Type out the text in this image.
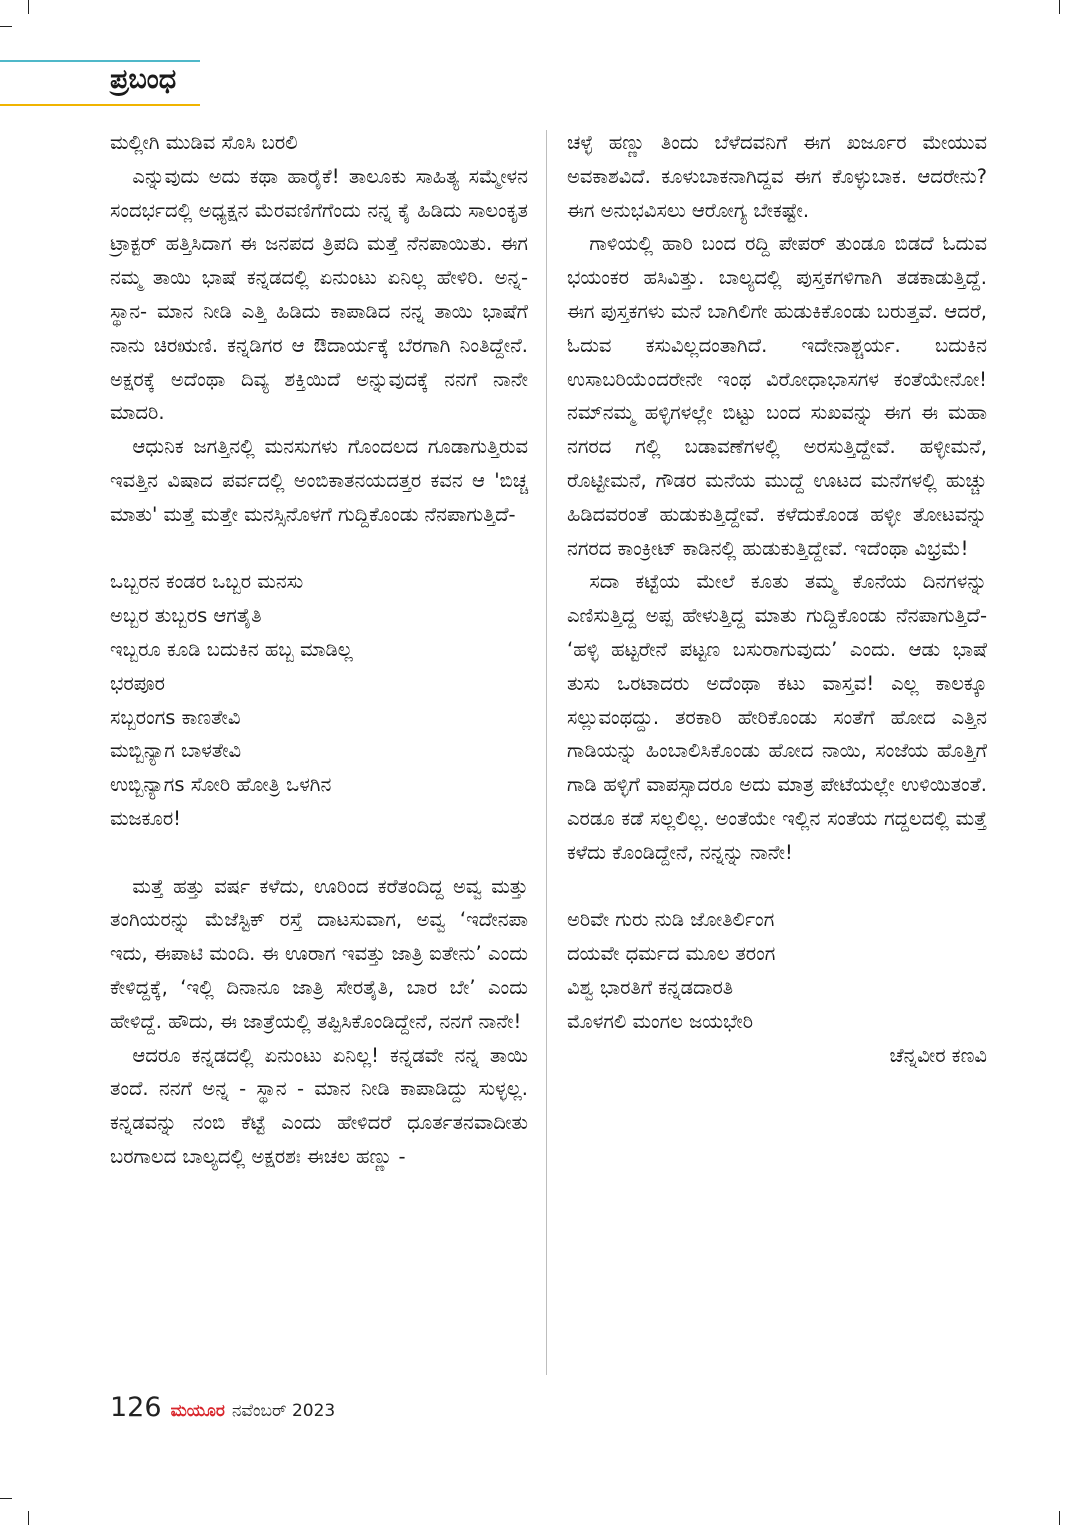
ಪ್ರಬಂಧ

ಮಲ್ಲೀಗಿ ಮುಡಿವ ಸೊಸಿ ಬರಲಿ

ಎನ್ನುವುದು ಅದು ಕಥಾ ಹಾರೈಕೆ! ತಾಲೂಕು ಸಾಹಿತ್ಯ ಸಮ್ಮೇಳನ ಸಂದರ್ಭದಲ್ಲಿ ಅಧ್ಯಕ್ಷನ ಮೆರವಣಿಗೆಗೆಂದು ನನ್ನ ಕೈ ಹಿಡಿದು ಸಾಲಂಕೃತ ಟ್ರಾಕ್ಟರ್ ಹತ್ತಿಸಿದಾಗ ಈ ಜನಪದ ತ್ರಿಪದಿ ಮತ್ತೆ ನೆನಪಾಯಿತು. ಈಗ ನಮ್ಮ ತಾಯಿ ಭಾಷೆ ಕನ್ನಡದಲ್ಲಿ ಏನುಂಟು ಏನಿಲ್ಲ ಹೇಳಿರಿ. ಅನ್ನ- ಸ್ಥಾನ- ಮಾನ ನೀಡಿ ಎತ್ತಿ ಹಿಡಿದು ಕಾಪಾಡಿದ ನನ್ನ ತಾಯಿ ಭಾಷೆಗೆ ನಾನು ಚಿರಋಣಿ. ಕನ್ನಡಿಗರ ಆ ಔದಾರ್ಯಕ್ಕೆ ಬೆರಗಾಗಿ ನಿಂತಿದ್ದೇನೆ. ಅಕ್ಷರಕ್ಕೆ ಅದೆಂಥಾ ದಿವ್ಯ ಶಕ್ತಿಯಿದೆ ಅನ್ನುವುದಕ್ಕೆ ನನಗೆ ನಾನೇ ಮಾದರಿ.

ಆಧುನಿಕ ಜಗತ್ತಿನಲ್ಲಿ ಮನಸುಗಳು ಗೊಂದಲದ ಗೂಡಾಗುತ್ತಿರುವ ಇವತ್ತಿನ ವಿಷಾದ ಪರ್ವದಲ್ಲಿ ಅಂಬಿಕಾತನಯದತ್ತರ ಕವನ ಆ 'ಬಿಚ್ಚ ಮಾತು' ಮತ್ತೆ ಮತ್ತೇ ಮನಸ್ಸಿನೊಳಗೆ ಗುದ್ದಿಕೊಂಡು ನೆನಪಾಗುತ್ತಿದೆ-

ಒಬ್ಬರನ ಕಂಡರ ಒಬ್ಬರ ಮನಸು
ಅಬ್ಬರ ತುಬ್ಬರs ಆಗತೈತಿ
ಇಬ್ಬರೂ ಕೂಡಿ ಬದುಕಿನ ಹಬ್ಬ ಮಾಡಿಲ್ಲ
ಭರಪೂರ
ಸಬ್ಬರಂಗs ಕಾಣತೇವಿ
ಮಬ್ಬಿನ್ಯಾಗ ಬಾಳತೇವಿ
ಉಬ್ಬಿನ್ಯಾಗs ಸೋರಿ ಹೋತ್ರಿ ಒಳಗಿನ
ಮಜಕೂರ!

ಮತ್ತೆ ಹತ್ತು ವರ್ಷ ಕಳೆದು, ಊರಿಂದ ಕರೆತಂದಿದ್ದ ಅವ್ವ ಮತ್ತು ತಂಗಿಯರನ್ನು ಮೆಜೆಸ್ಟಿಕ್ ರಸ್ತೆ ದಾಟಸುವಾಗ, ಅವ್ವ ‘ಇದೇನಪಾ ಇದು, ಈಪಾಟಿ ಮಂದಿ. ಈ ಊರಾಗ ಇವತ್ತು ಜಾತ್ರಿ ಐತೇನು’ ಎಂದು ಕೇಳಿದ್ದಕ್ಕೆ, ‘ಇಲ್ಲಿ ದಿನಾನೂ ಜಾತ್ರಿ ಸೇರತೈತಿ, ಬಾರ ಬೇ’ ಎಂದು ಹೇಳಿದ್ದೆ. ಹೌದು, ಈ ಜಾತ್ರೆಯಲ್ಲಿ ತಪ್ಪಿಸಿಕೊಂಡಿದ್ದೇನೆ, ನನಗೆ ನಾನೇ!

ಆದರೂ ಕನ್ನಡದಲ್ಲಿ ಏನುಂಟು ಏನಿಲ್ಲ! ಕನ್ನಡವೇ ನನ್ನ ತಾಯಿ ತಂದೆ. ನನಗೆ ಅನ್ನ - ಸ್ಥಾನ - ಮಾನ ನೀಡಿ ಕಾಪಾಡಿದ್ದು ಸುಳ್ಳಲ್ಲ. ಕನ್ನಡವನ್ನು ನಂಬಿ ಕೆಟ್ಟೆ ಎಂದು ಹೇಳಿದರೆ ಧೂರ್ತತನವಾದೀತು ಬರಗಾಲದ ಬಾಲ್ಯದಲ್ಲಿ ಅಕ್ಷರಶಃ ಈಚಲ ಹಣ್ಣು -

ಚಳ್ಳೆ ಹಣ್ಣು ತಿಂದು ಬೆಳೆದವನಿಗೆ ಈಗ ಖರ್ಜೂರ ಮೇಯುವ ಅವಕಾಶವಿದೆ. ಕೂಳುಬಾಕನಾಗಿದ್ದವ ಈಗ ಕೊಳ್ಳುಬಾಕ. ಆದರೇನು? ಈಗ ಅನುಭವಿಸಲು ಆರೋಗ್ಯ ಬೇಕಷ್ಟೇ.

ಗಾಳಿಯಲ್ಲಿ ಹಾರಿ ಬಂದ ರದ್ದಿ ಪೇಪರ್ ತುಂಡೂ ಬಿಡದೆ ಓದುವ ಭಯಂಕರ ಹಸಿವಿತ್ತು. ಬಾಲ್ಯದಲ್ಲಿ ಪುಸ್ತಕಗಳಿಗಾಗಿ ತಡಕಾಡುತ್ತಿದ್ದೆ. ಈಗ ಪುಸ್ತಕಗಳು ಮನೆ ಬಾಗಿಲಿಗೇ ಹುಡುಕಿಕೊಂಡು ಬರುತ್ತವೆ. ಆದರೆ, ಓದುವ ಕಸುವಿಲ್ಲದಂತಾಗಿದೆ. ಇದೇನಾಶ್ಚರ್ಯ. ಬದುಕಿನ ಉಸಾಬರಿಯೆಂದರೇನೇ ಇಂಥ ವಿರೋಧಾಭಾಸಗಳ ಕಂತೆಯೇನೋ! ನಮ್‌ನಮ್ಮ ಹಳ್ಳಿಗಳಲ್ಲೇ ಬಿಟ್ಟು ಬಂದ ಸುಖವನ್ನು ಈಗ ಈ ಮಹಾ ನಗರದ ಗಲ್ಲಿ ಬಡಾವಣೆಗಳಲ್ಲಿ ಅರಸುತ್ತಿದ್ದೇವೆ. ಹಳ್ಳೀಮನೆ, ರೊಟ್ಟೀಮನೆ, ಗೌಡರ ಮನೆಯ ಮುದ್ದೆ ಊಟದ ಮನೆಗಳಲ್ಲಿ ಹುಚ್ಚು ಹಿಡಿದವರಂತೆ ಹುಡುಕುತ್ತಿದ್ದೇವೆ. ಕಳೆದುಕೊಂಡ ಹಳ್ಳೀ ತೋಟವನ್ನು ನಗರದ ಕಾಂಕ್ರೀಟ್ ಕಾಡಿನಲ್ಲಿ ಹುಡುಕುತ್ತಿದ್ದೇವೆ. ಇದೆಂಥಾ ವಿಭ್ರಮೆ!

ಸದಾ ಕಟ್ಟೆಯ ಮೇಲೆ ಕೂತು ತಮ್ಮ ಕೊನೆಯ ದಿನಗಳನ್ನು ಎಣಿಸುತ್ತಿದ್ದ ಅಪ್ಪ ಹೇಳುತ್ತಿದ್ದ ಮಾತು ಗುದ್ದಿಕೊಂಡು ನೆನಪಾಗುತ್ತಿದೆ- ‘ಹಳ್ಳಿ ಹಟ್ಟರೇನೆ ಪಟ್ಟಣ ಬಸುರಾಗುವುದು’ ಎಂದು. ಆಡು ಭಾಷೆ ತುಸು ಒರಟಾದರು ಅದೆಂಥಾ ಕಟು ವಾಸ್ತವ! ಎಲ್ಲ ಕಾಲಕ್ಕೂ ಸಲ್ಲುವಂಥದ್ದು. ತರಕಾರಿ ಹೇರಿಕೊಂಡು ಸಂತೆಗೆ ಹೋದ ಎತ್ತಿನ ಗಾಡಿಯನ್ನು ಹಿಂಬಾಲಿಸಿಕೊಂಡು ಹೋದ ನಾಯಿ, ಸಂಜೆಯ ಹೊತ್ತಿಗೆ ಗಾಡಿ ಹಳ್ಳಿಗೆ ವಾಪಸ್ಸಾದರೂ ಅದು ಮಾತ್ರ ಪೇಟೆಯಲ್ಲೇ ಉಳಿಯಿತಂತೆ. ಎರಡೂ ಕಡೆ ಸಲ್ಲಲಿಲ್ಲ. ಅಂತೆಯೇ ಇಲ್ಲಿನ ಸಂತೆಯ ಗದ್ದಲದಲ್ಲಿ ಮತ್ತೆ ಕಳೆದು ಕೊಂಡಿದ್ದೇನೆ, ನನ್ನನ್ನು ನಾನೇ!

ಅರಿವೇ ಗುರು ನುಡಿ ಜೋತಿರ್ಲಿಂಗ
ದಯವೇ ಧರ್ಮದ ಮೂಲ ತರಂಗ
ವಿಶ್ವ ಭಾರತಿಗೆ ಕನ್ನಡದಾರತಿ
ಮೊಳಗಲಿ ಮಂಗಲ ಜಯಭೇರಿ

ಚೆನ್ನವೀರ ಕಣವಿ

126 ಮಯೂರ ನವೆಂಬರ್ 2023
